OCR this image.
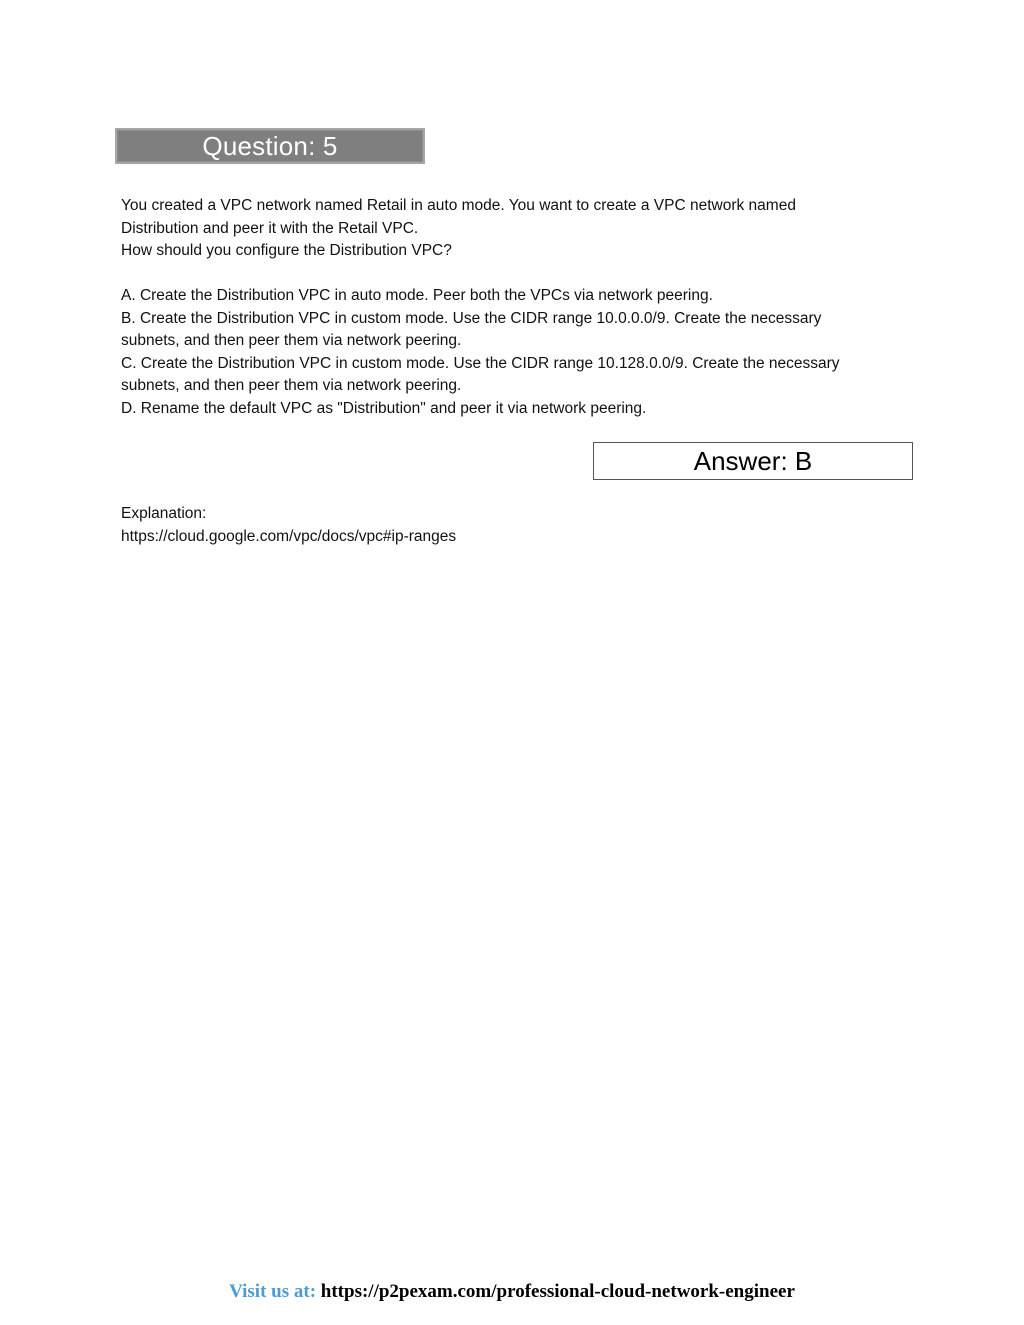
Question: 5

You created a VPC network named Retail in auto mode. You want to create a VPC network named

Distribution and peer it with the Retail VPC.

How should you configure the Distribution VPC?

A. Create the Distribution VPC in auto mode. Peer both the VPCs via network peering.

B. Create the Distribution VPC in custom mode. Use the CIDR range 10.0.0.0/9. Create the necessary

subnets, and then peer them via network peering.

C. Create the Distribution VPC in custom mode. Use the CIDR range 10.128.0.0/9. Create the necessary

subnets, and then peer them via network peering.

D. Rename the default VPC as "Distribution" and peer it via network peering.

Answer: B

Explanation:

https://cloud.google.com/vpc/docs/vpc#ip-ranges

Visit us at: https://p2pexam.com/professional-cloud-network-engineer
